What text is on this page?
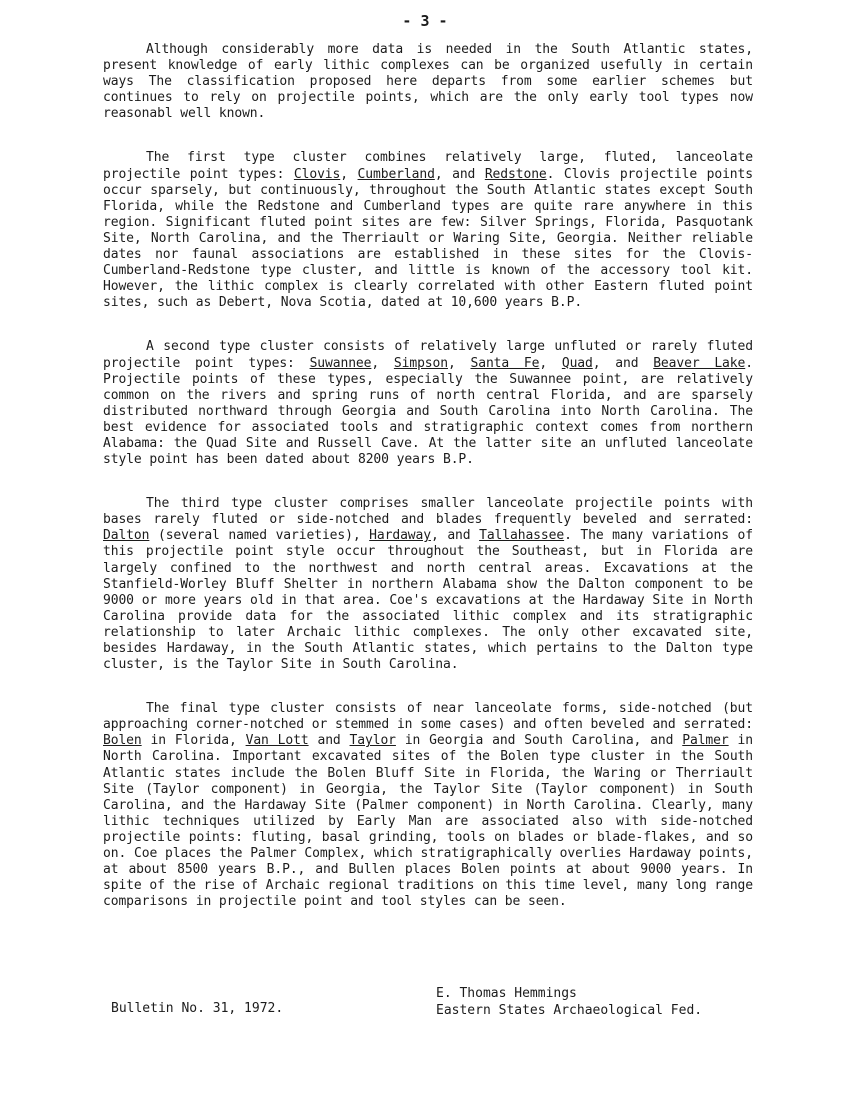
- 3 -

Although considerably more data is needed in the South Atlantic states, present knowledge of early lithic complexes can be organized usefully in certain ways The classification proposed here departs from some earlier schemes but continues to rely on projectile points, which are the only early tool types now reasonabl well known.

The first type cluster combines relatively large, fluted, lanceolate projectile point types: Clovis, Cumberland, and Redstone. Clovis projectile points occur sparsely, but continuously, throughout the South Atlantic states except South Florida, while the Redstone and Cumberland types are quite rare anywhere in this region. Significant fluted point sites are few: Silver Springs, Florida, Pasquotank Site, North Carolina, and the Therriault or Waring Site, Georgia. Neither reliable dates nor faunal associations are established in these sites for the Clovis-Cumberland-Redstone type cluster, and little is known of the accessory tool kit. However, the lithic complex is clearly correlated with other Eastern fluted point sites, such as Debert, Nova Scotia, dated at 10,600 years B.P.

A second type cluster consists of relatively large unfluted or rarely fluted projectile point types: Suwannee, Simpson, Santa Fe, Quad, and Beaver Lake. Projectile points of these types, especially the Suwannee point, are relatively common on the rivers and spring runs of north central Florida, and are sparsely distributed northward through Georgia and South Carolina into North Carolina. The best evidence for associated tools and stratigraphic context comes from northern Alabama: the Quad Site and Russell Cave. At the latter site an unfluted lanceolate style point has been dated about 8200 years B.P.

The third type cluster comprises smaller lanceolate projectile points with bases rarely fluted or side-notched and blades frequently beveled and serrated: Dalton (several named varieties), Hardaway, and Tallahassee. The many variations of this projectile point style occur throughout the Southeast, but in Florida are largely confined to the northwest and north central areas. Excavations at the Stanfield-Worley Bluff Shelter in northern Alabama show the Dalton component to be 9000 or more years old in that area. Coe's excavations at the Hardaway Site in North Carolina provide data for the associated lithic complex and its stratigraphic relationship to later Archaic lithic complexes. The only other excavated site, besides Hardaway, in the South Atlantic states, which pertains to the Dalton type cluster, is the Taylor Site in South Carolina.

The final type cluster consists of near lanceolate forms, side-notched (but approaching corner-notched or stemmed in some cases) and often beveled and serrated: Bolen in Florida, Van Lott and Taylor in Georgia and South Carolina, and Palmer in North Carolina. Important excavated sites of the Bolen type cluster in the South Atlantic states include the Bolen Bluff Site in Florida, the Waring or Therriault Site (Taylor component) in Georgia, the Taylor Site (Taylor component) in South Carolina, and the Hardaway Site (Palmer component) in North Carolina. Clearly, many lithic techniques utilized by Early Man are associated also with side-notched projectile points: fluting, basal grinding, tools on blades or blade-flakes, and so on. Coe places the Palmer Complex, which stratigraphically overlies Hardaway points, at about 8500 years B.P., and Bullen places Bolen points at about 9000 years. In spite of the rise of Archaic regional traditions on this time level, many long range comparisons in projectile point and tool styles can be seen.

Bulletin No. 31, 1972.
E. Thomas Hemmings
Eastern States Archaeological Fed.
